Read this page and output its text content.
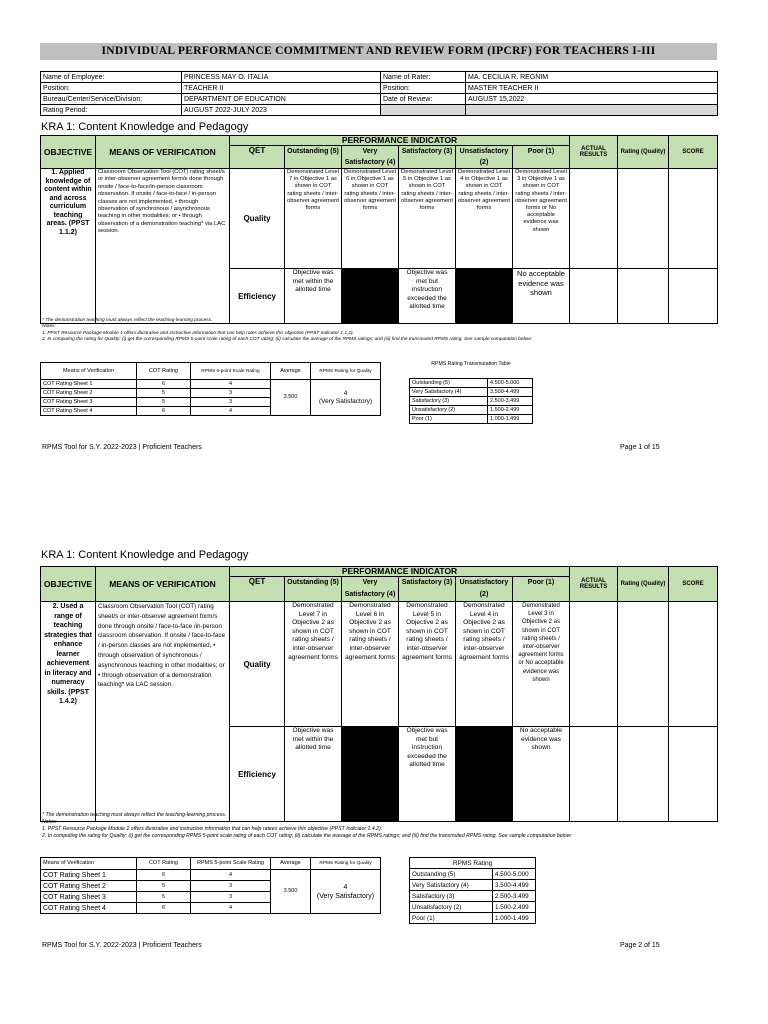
INDIVIDUAL PERFORMANCE COMMITMENT AND REVIEW FORM (IPCRF) FOR TEACHERS I-III
Name of Employee:	PRINCESS MAY O. ITALIA	Name of Rater:	MA. CECILIA R. REGNIM
Position:	TEACHER II	Position:	MASTER TEACHER II
Bureau/Center/Service/Division:	DEPARTMENT OF EDUCATION	Date of Review:	AUGUST 15,2022
Rating Period:	AUGUST 2022-JULY 2023		
KRA 1: Content Knowledge and Pedagogy
OBJECTIVE	MEANS OF VERIFICATION	PERFORMANCE INDICATOR						ACTUAL RESULTS	Rating (Quality)	SCORE
		QET	Outstanding (5)	Very Satisfactory (4)	Satisfactory (3)	Unsatisfactory (2)	Poor (1)			
1. Applied knowledge of content within and across curriculum teaching areas. (PPST 1.1.2)	Classroom Observation Tool (COT) rating sheet/s or inter-observer agreement form/s done through onsite / face-to-face/in-person classroom observation. If onsite / face-to-face / in-person classes are not implemented, • through observation of synchronous / asynchronous teaching in other modalities; or • through observation of a demonstration teaching* via LAC session.	Quality	Demonstrated Level 7 in Objective 1 as shown in COT rating sheets / inter-observer agreement forms	Demonstrated Level 6 in Objective 1 as shown in COT rating sheets / inter-observer agreement forms	Demonstrated Level 5 in Objective 1 as shown in COT rating sheets / inter-observer agreement forms	Demonstrated Level 4 in Objective 1 as shown in COT rating sheets / inter-observer agreement forms	Demonstrated Level 3 in Objective 1 as shown in COT rating sheets / inter-observer agreement forms or No acceptable evidence was shown			
		Efficiency	Objective was met within the allotted time		Objective was met but instruction exceeded the allotted time		No acceptable evidence was shown			
* The demonstration teaching must always reflect the teaching-learning process.
Notes:
1. PPST Resource Package Module 1 offers illustrative and instructive information that can help rates achieve this objective (PPST Indicator 1.1.2).
2. In computing the rating for Quality: (i) get the corresponding RPMS 5-point scale rating of each COT rating; (ii) calculate the average of the RPMS ratings; and (iii) find the transmuted RPMS rating. See sample computation below:
Means of Verification	COT Rating	RPMS 5-point Scale Rating	Average	RPMS Rating for Quality
COT Rating Sheet 1	6	4	3.500	4
(Very Satisfactory)

COT Rating Sheet 2	5	3		
COT Rating Sheet 3	5	3		
COT Rating Sheet 4	6	4		
RPMS Rating Transmutation Table
Outstanding (5)	4.500-5.000
Very Satisfactory (4)	3.500-4.499
Satisfactory (3)	2.500-3.499
Unsatisfactory (2)	1.500-2.499
Poor (1)	1.000-1.499
RPMS Tool for S.Y. 2022-2023 | Proficient Teachers	Page 1 of 15
KRA 1: Content Knowledge and Pedagogy
OBJECTIVE	MEANS OF VERIFICATION	PERFORMANCE INDICATOR						ACTUAL RESULTS	Rating (Quality)	SCORE
		QET	Outstanding (5)	Very Satisfactory (4)	Satisfactory (3)	Unsatisfactory (2)	Poor (1)			
2. Used a range of teaching strategies that enhance learner achievement in literacy and numeracy skills. (PPST 1.4.2)	Classroom Observation Tool (COT) rating sheet/s or inter-observer agreement form/s done through onsite / face-to-face /in-person classroom observation. If onsite / face-to-face / in-person classes are not implemented, • through observation of synchronous / asynchronous teaching in other modalities; or • through observation of a demonstration teaching* via LAC session.	Quality	Demonstrated Level 7 in Objective 2 as shown in COT rating sheets / inter-observer agreement forms	Demonstrated Level 6 in Objective 2 as shown in COT rating sheets / inter-observer agreement forms	Demonstrated Level 5 in Objective 2 as shown in COT rating sheets / inter-observer agreement forms	Demonstrated Level 4 in Objective 2 as shown in COT rating sheets / inter-observer agreement forms	Demonstrated Level 3 in Objective 2 as shown in COT rating sheets / inter-observer agreement forms or No acceptable evidence was shown			
		Efficiency	Objective was met within the allotted time		Objective was met but instruction exceeded the allotted time		No acceptable evidence was shown			
* The demonstration teaching must always reflect the teaching-learning process.
Notes:
1. PPST Resource Package Module 2 offers illustrative and instructive information that can help ratees achieve this objective (PPST Indicator 1.4.2).
2. In computing the rating for Quality: (i) get the corresponding RPMS 5-point scale rating of each COT rating; (ii) calculate the average of the RPMS ratings; and (iii) find the transmuted RPMS rating. See sample computation below:
Means of Verification	COT Rating	RPMS 5-point Scale Rating	Average	RPMS Rating for Quality
COT Rating Sheet 1	6	4	3.500	4
(Very Satisfactory)

COT Rating Sheet 2	5	3		
COT Rating Sheet 3	5	3		
COT Rating Sheet 4	6	4		
RPMS Rating	
Outstanding (5)	4.500-5.000
Very Satisfactory (4)	3.500-4.499
Satisfactory (3)	2.500-3.499
Unsatisfactory (2)	1.500-2.499
Poor (1)	1.000-1.499
RPMS Tool for S.Y. 2022-2023 | Proficient Teachers	Page 2 of 15
